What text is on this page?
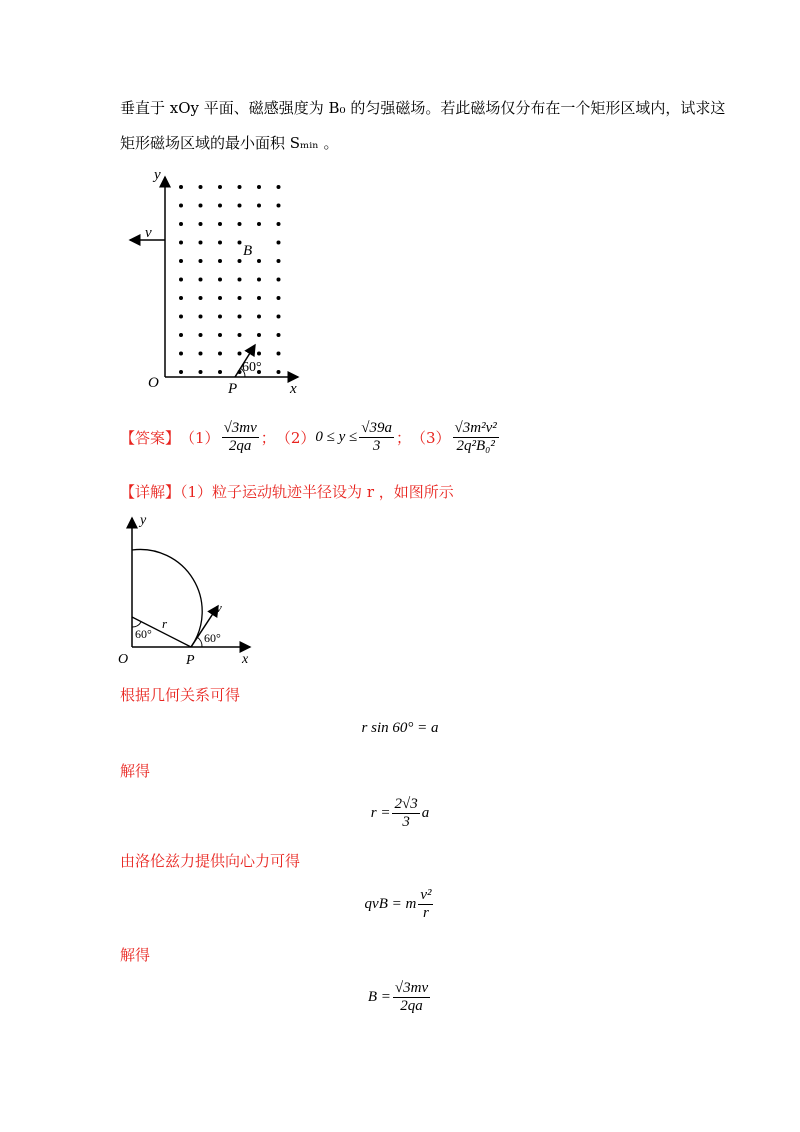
垂直于 xOy 平面、磁感强度为 B₀ 的匀强磁场。若此磁场仅分布在一个矩形区域内，试求这
矩形磁场区域的最小面积 Sₘᵢₙ 。
y
x
O	P
v
B
60°
【答案】 $(1) \frac{√3mv}{2qa}$ ； （2） $0 \le y \le \frac{√39a}{3}$ ； $(3) \frac{\text{√3m²v²}}{\text{2q²B₀²}}$
【详解】（1）粒子运动轨迹半径设为 r ，如图所示
y
x
O	P
v
r
60°	60°
根据几何关系可得
r sin 60° = a
解得
$r = \frac{2√3}{3}$ a
由洛伦兹力提供向心力可得
qvB = m $\frac{\text{v²}}{r}$
解得
$B = \frac{√3mv}{2qa}$
